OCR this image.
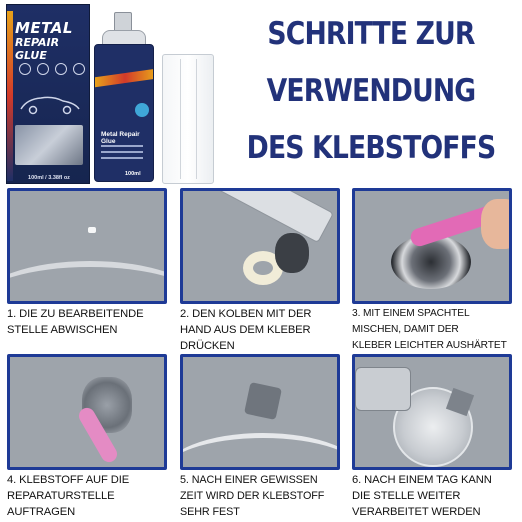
METAL
REPAIR GLUE
100ml / 3.38fl oz
Metal Repair Glue
100ml
SCHRITTE ZUR
VERWENDUNG
DES KLEBSTOFFS
1. DIE ZU BEARBEITENDE
STELLE ABWISCHEN
2. DEN KOLBEN MIT DER
HAND AUS DEM KLEBER
DRÜCKEN
3. MIT EINEM SPACHTEL
MISCHEN, DAMIT DER
KLEBER LEICHTER AUSHÄRTET
4. KLEBSTOFF AUF DIE
REPARATURSTELLE
AUFTRAGEN
5. NACH EINER GEWISSEN
ZEIT WIRD DER KLEBSTOFF
SEHR FEST
6. NACH EINEM TAG KANN
DIE STELLE WEITER
VERARBEITET WERDEN
